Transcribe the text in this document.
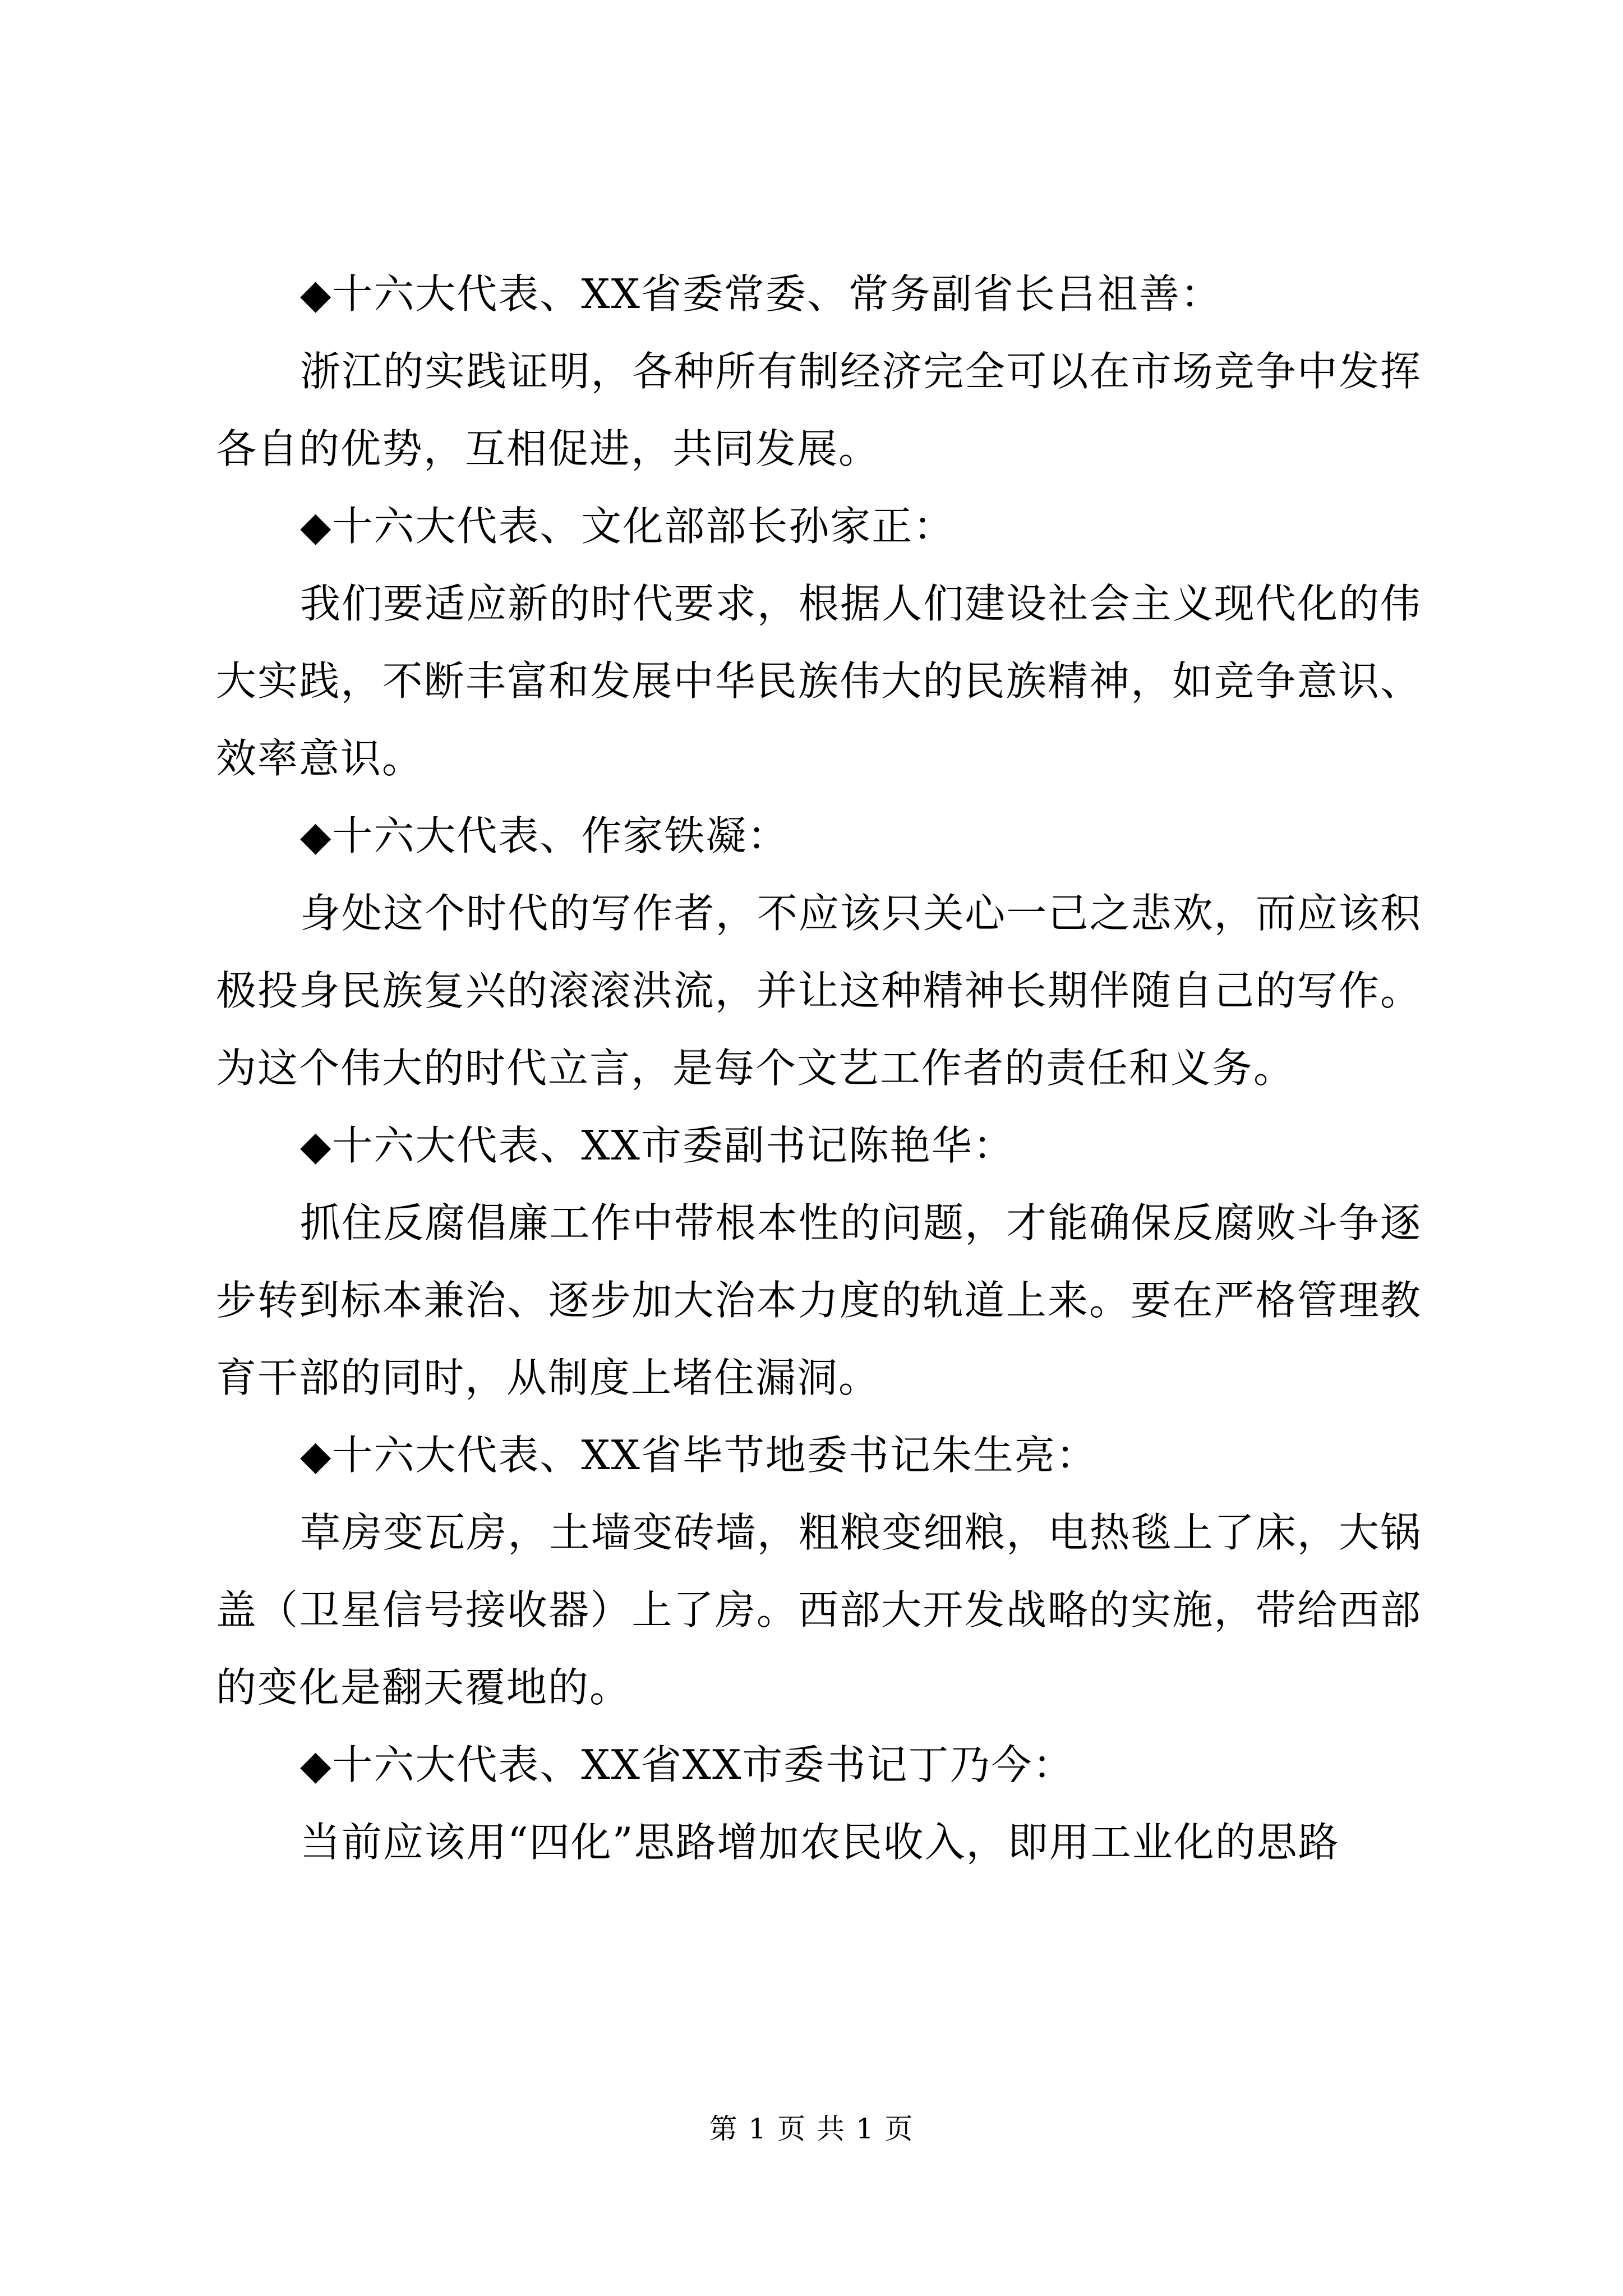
◆十六大代表、XX省委常委、常务副省长吕祖善：

浙江的实践证明，各种所有制经济完全可以在市场竞争中发挥各自的优势，互相促进，共同发展。

◆十六大代表、文化部部长孙家正：

我们要适应新的时代要求，根据人们建设社会主义现代化的伟大实践，不断丰富和发展中华民族伟大的民族精神，如竞争意识、效率意识。

◆十六大代表、作家铁凝：

身处这个时代的写作者，不应该只关心一己之悲欢，而应该积极投身民族复兴的滚滚洪流，并让这种精神长期伴随自己的写作。为这个伟大的时代立言，是每个文艺工作者的责任和义务。

◆十六大代表、XX市委副书记陈艳华：

抓住反腐倡廉工作中带根本性的问题，才能确保反腐败斗争逐步转到标本兼治、逐步加大治本力度的轨道上来。要在严格管理教育干部的同时，从制度上堵住漏洞。

◆十六大代表、XX省毕节地委书记朱生亮：

草房变瓦房，土墙变砖墙，粗粮变细粮，电热毯上了床，大锅盖（卫星信号接收器）上了房。西部大开发战略的实施，带给西部的变化是翻天覆地的。

◆十六大代表、XX省XX市委书记丁乃今：

当前应该用“四化”思路增加农民收入，即用工业化的思路

第 1 页 共 1 页
